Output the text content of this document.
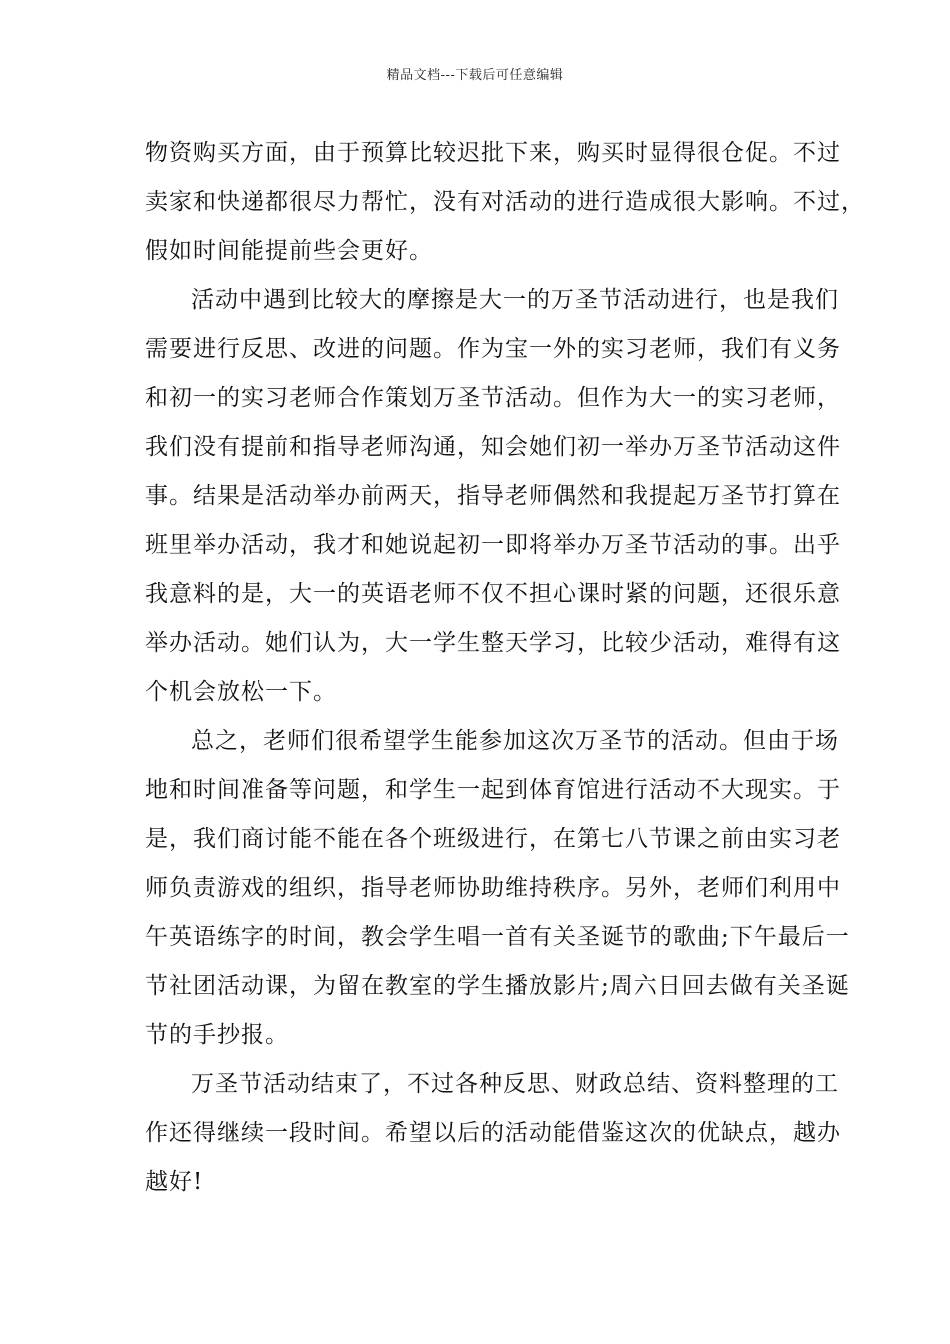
精品文档---下载后可任意编辑
物资购买方面，由于预算比较迟批下来，购买时显得很仓促。不过
卖家和快递都很尽力帮忙，没有对活动的进行造成很大影响。不过，
假如时间能提前些会更好。
活动中遇到比较大的摩擦是大一的万圣节活动进行，也是我们
需要进行反思、改进的问题。作为宝一外的实习老师，我们有义务
和初一的实习老师合作策划万圣节活动。但作为大一的实习老师，
我们没有提前和指导老师沟通，知会她们初一举办万圣节活动这件
事。结果是活动举办前两天，指导老师偶然和我提起万圣节打算在
班里举办活动，我才和她说起初一即将举办万圣节活动的事。出乎
我意料的是，大一的英语老师不仅不担心课时紧的问题，还很乐意
举办活动。她们认为，大一学生整天学习，比较少活动，难得有这
个机会放松一下。
总之，老师们很希望学生能参加这次万圣节的活动。但由于场
地和时间准备等问题，和学生一起到体育馆进行活动不大现实。于
是，我们商讨能不能在各个班级进行，在第七八节课之前由实习老
师负责游戏的组织，指导老师协助维持秩序。另外，老师们利用中
午英语练字的时间，教会学生唱一首有关圣诞节的歌曲;下午最后一
节社团活动课，为留在教室的学生播放影片;周六日回去做有关圣诞
节的手抄报。
万圣节活动结束了，不过各种反思、财政总结、资料整理的工
作还得继续一段时间。希望以后的活动能借鉴这次的优缺点，越办
越好!
